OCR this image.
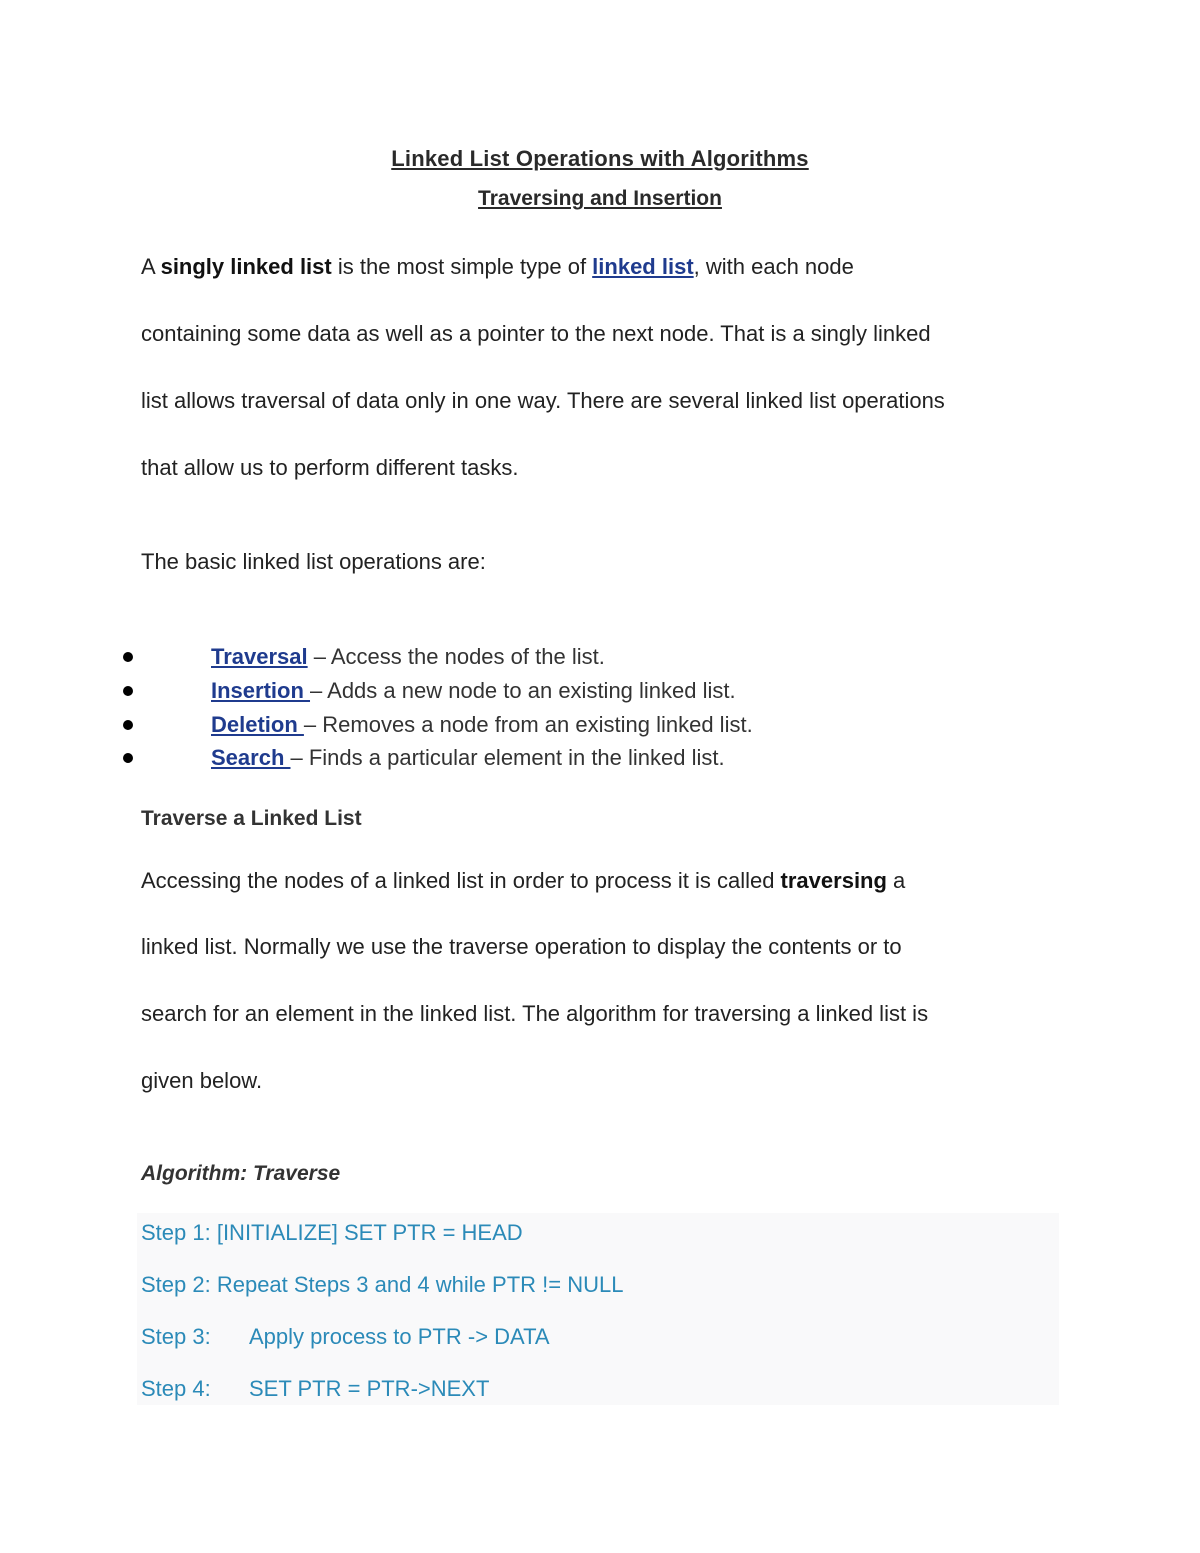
Linked List Operations with Algorithms
Traversing and Insertion
A singly linked list is the most simple type of linked list, with each node
containing some data as well as a pointer to the next node. That is a singly linked
list allows traversal of data only in one way. There are several linked list operations
that allow us to perform different tasks.
The basic linked list operations are:
Traversal – Access the nodes of the list.
Insertion – Adds a new node to an existing linked list.
Deletion – Removes a node from an existing linked list.
Search – Finds a particular element in the linked list.
Traverse a Linked List
Accessing the nodes of a linked list in order to process it is called traversing a
linked list. Normally we use the traverse operation to display the contents or to
search for an element in the linked list. The algorithm for traversing a linked list is
given below.
Algorithm: Traverse
Step 1: [INITIALIZE] SET PTR = HEAD
Step 2: Repeat Steps 3 and 4 while PTR != NULL
Step 3: Apply process to PTR -> DATA
Step 4: SET PTR = PTR->NEXT
